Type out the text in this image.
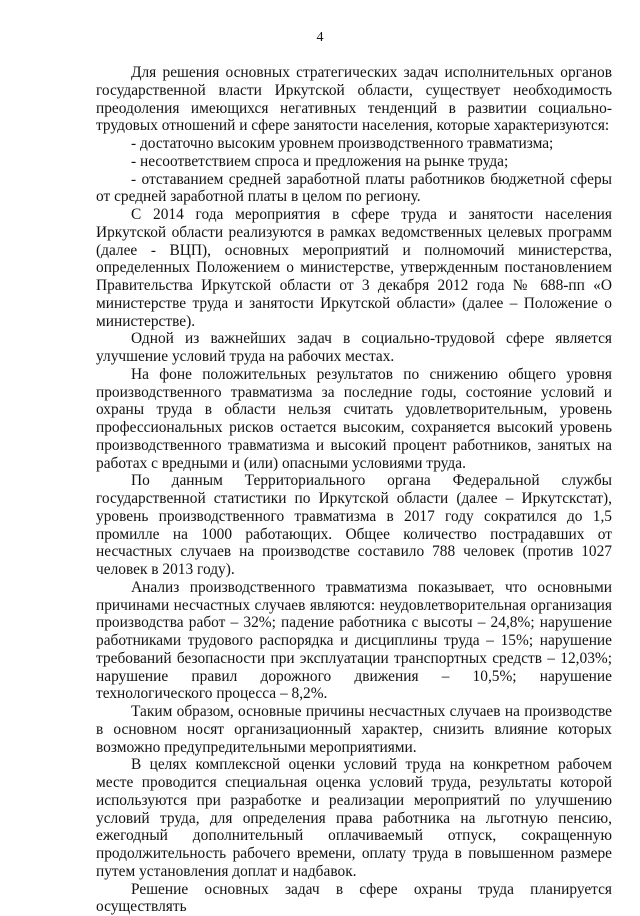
4

Для решения основных стратегических задач исполнительных органов государственной власти Иркутской области, существует необходимость преодоления имеющихся негативных тенденций в развитии социально-трудовых отношений и сфере занятости населения, которые характеризуются:

- достаточно высоким уровнем производственного травматизма;

- несоответствием спроса и предложения на рынке труда;

- отставанием средней заработной платы работников бюджетной сферы от средней заработной платы в целом по региону.

С 2014 года мероприятия в сфере труда и занятости населения Иркутской области реализуются в рамках ведомственных целевых программ (далее - ВЦП), основных мероприятий и полномочий министерства, определенных Положением о министерстве, утвержденным постановлением Правительства Иркутской области от 3 декабря 2012 года № 688-пп «О министерстве труда и занятости Иркутской области» (далее – Положение о министерстве).

Одной из важнейших задач в социально-трудовой сфере является улучшение условий труда на рабочих местах.

На фоне положительных результатов по снижению общего уровня производственного травматизма за последние годы, состояние условий и охраны труда в области нельзя считать удовлетворительным, уровень профессиональных рисков остается высоким, сохраняется высокий уровень производственного травматизма и высокий процент работников, занятых на работах с вредными и (или) опасными условиями труда.

По данным Территориального органа Федеральной службы государственной статистики по Иркутской области (далее – Иркутскстат), уровень производственного травматизма в 2017 году сократился до 1,5 промилле на 1000 работающих. Общее количество пострадавших от несчастных случаев на производстве составило 788 человек (против 1027 человек в 2013 году).

Анализ производственного травматизма показывает, что основными причинами несчастных случаев являются: неудовлетворительная организация производства работ – 32%; падение работника с высоты – 24,8%; нарушение работниками трудового распорядка и дисциплины труда – 15%; нарушение требований безопасности при эксплуатации транспортных средств – 12,03%; нарушение правил дорожного движения – 10,5%; нарушение технологического процесса – 8,2%.

Таким образом, основные причины несчастных случаев на производстве в основном носят организационный характер, снизить влияние которых возможно предупредительными мероприятиями.

В целях комплексной оценки условий труда на конкретном рабочем месте проводится специальная оценка условий труда, результаты которой используются при разработке и реализации мероприятий по улучшению условий труда, для определения права работника на льготную пенсию, ежегодный дополнительный оплачиваемый отпуск, сокращенную продолжительность рабочего времени, оплату труда в повышенном размере путем установления доплат и надбавок.

Решение основных задач в сфере охраны труда планируется осуществлять
